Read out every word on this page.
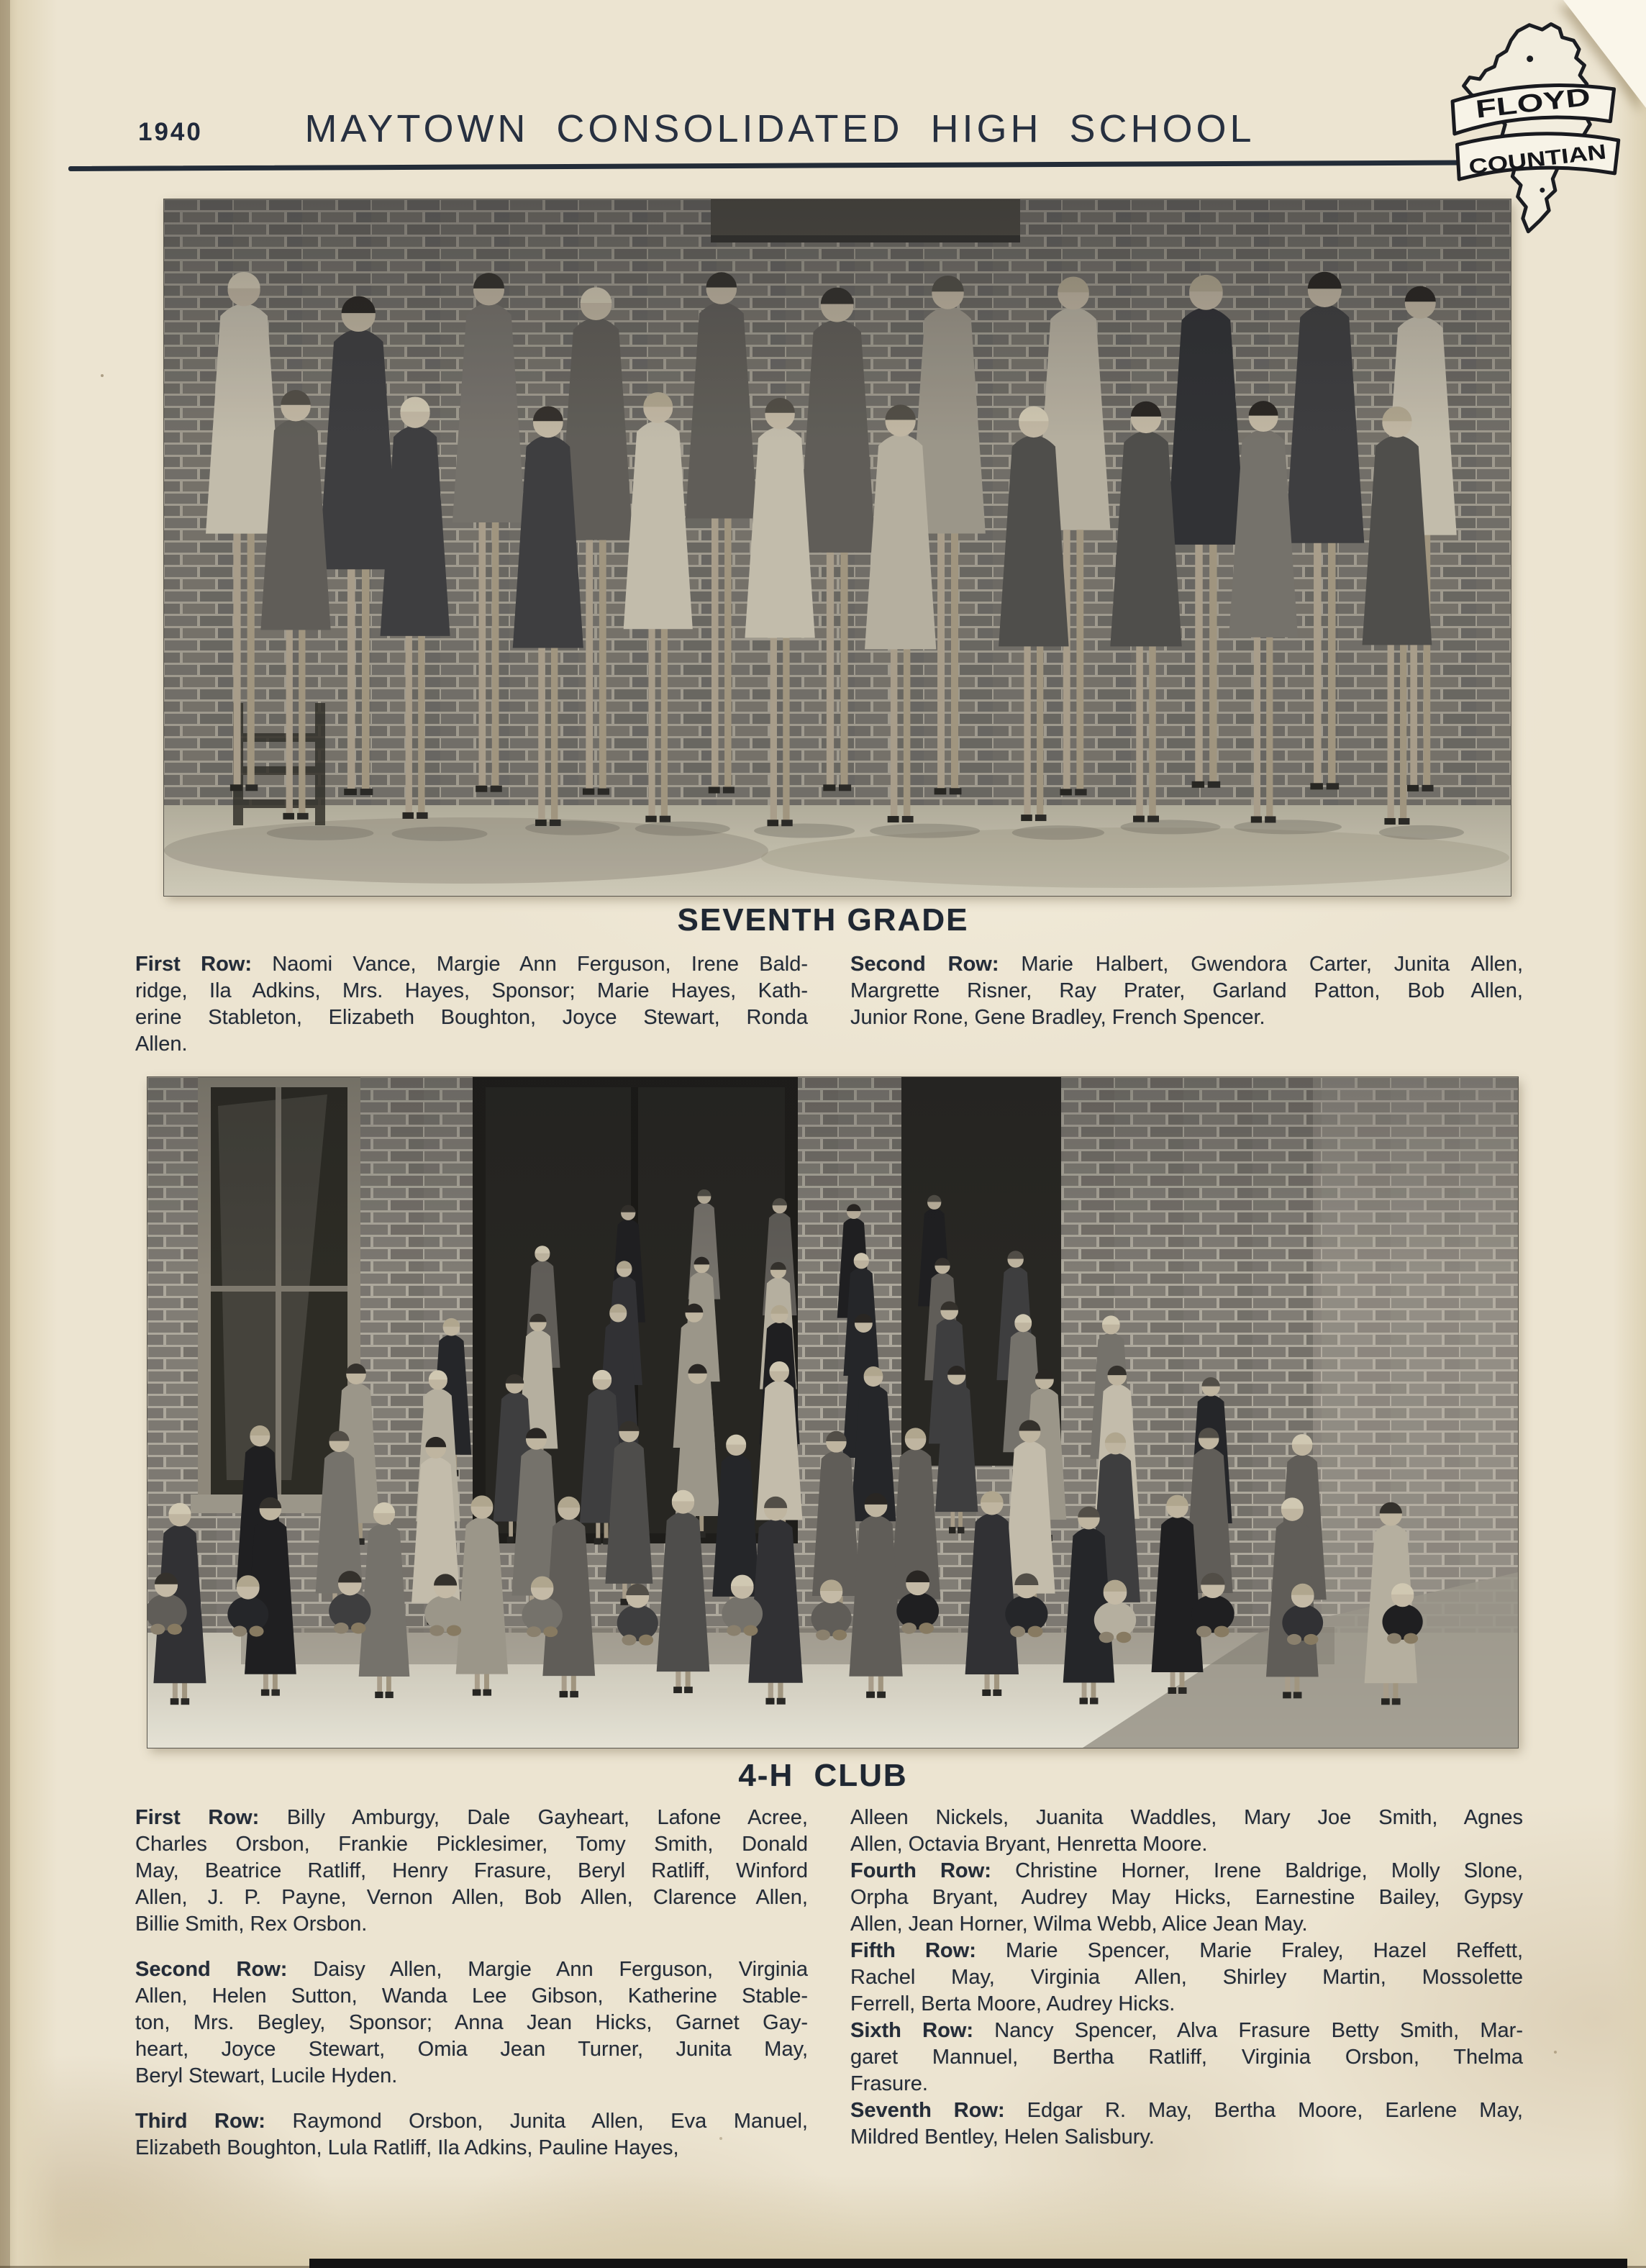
1940	MAYTOWN CONSOLIDATED HIGH SCHOOL
FLOYD
COUNTIAN
SEVENTH GRADE

First Row: Naomi Vance, Margie Ann Ferguson, Irene Bald-
ridge, Ila Adkins, Mrs. Hayes, Sponsor; Marie Hayes, Kath-
erine Stableton, Elizabeth Boughton, Joyce Stewart, Ronda
Allen.

Second Row: Marie Halbert, Gwendora Carter, Junita Allen,
Margrette Risner, Ray Prater, Garland Patton, Bob Allen,
Junior Rone, Gene Bradley, French Spencer.

4-H CLUB

First Row: Billy Amburgy, Dale Gayheart, Lafone Acree,
Charles Orsbon, Frankie Picklesimer, Tomy Smith, Donald
May, Beatrice Ratliff, Henry Frasure, Beryl Ratliff, Winford
Allen, J. P. Payne, Vernon Allen, Bob Allen, Clarence Allen,
Billie Smith, Rex Orsbon.

Second Row: Daisy Allen, Margie Ann Ferguson, Virginia
Allen, Helen Sutton, Wanda Lee Gibson, Katherine Stable-
ton, Mrs. Begley, Sponsor; Anna Jean Hicks, Garnet Gay-
heart, Joyce Stewart, Omia Jean Turner, Junita May,
Beryl Stewart, Lucile Hyden.

Third Row: Raymond Orsbon, Junita Allen, Eva Manuel,
Elizabeth Boughton, Lula Ratliff, Ila Adkins, Pauline Hayes,

Alleen Nickels, Juanita Waddles, Mary Joe Smith, Agnes
Allen, Octavia Bryant, Henretta Moore.

Fourth Row: Christine Horner, Irene Baldrige, Molly Slone,
Orpha Bryant, Audrey May Hicks, Earnestine Bailey, Gypsy
Allen, Jean Horner, Wilma Webb, Alice Jean May.

Fifth Row: Marie Spencer, Marie Fraley, Hazel Reffett,
Rachel May, Virginia Allen, Shirley Martin, Mossolette
Ferrell, Berta Moore, Audrey Hicks.

Sixth Row: Nancy Spencer, Alva Frasure Betty Smith, Mar-
garet Mannuel, Bertha Ratliff, Virginia Orsbon, Thelma
Frasure.

Seventh Row: Edgar R. May, Bertha Moore, Earlene May,
Mildred Bentley, Helen Salisbury.
